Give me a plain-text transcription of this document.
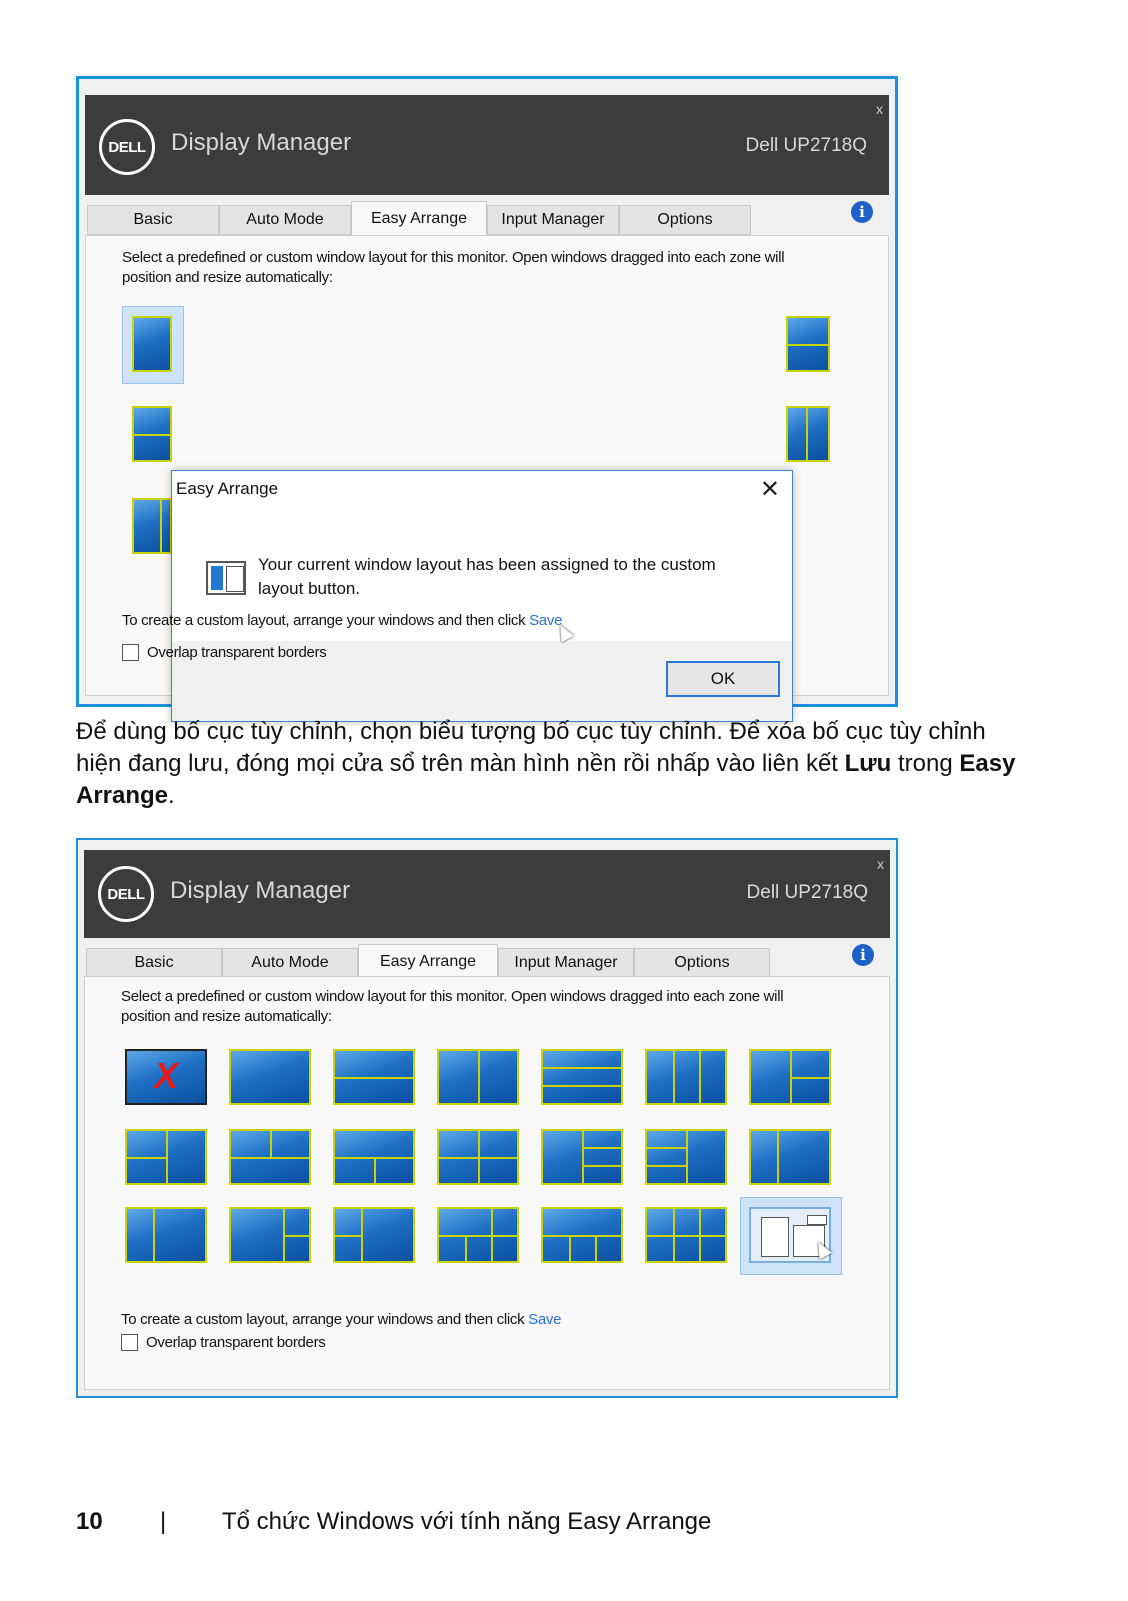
DELL	Display Manager	Dell UP2718Q
x
Basic	Auto Mode	Easy Arrange	Input Manager	Options	i
Select a predefined or custom window layout for this monitor. Open windows dragged into each zone will position and resize automatically:
Easy Arrange	✕
Your current window layout has been assigned to the custom layout button.
OK
To create a custom layout, arrange your windows and then click Save
Overlap transparent borders
Để dùng bố cục tùy chỉnh, chọn biểu tượng bố cục tùy chỉnh. Để xóa bố cục tùy chỉnh hiện đang lưu, đóng mọi cửa sổ trên màn hình nền rồi nhấp vào liên kết Lưu trong Easy Arrange.
DELL	Display Manager	Dell UP2718Q
x
Basic	Auto Mode	Easy Arrange	Input Manager	Options	i
Select a predefined or custom window layout for this monitor. Open windows dragged into each zone will position and resize automatically:
X
To create a custom layout, arrange your windows and then click Save
Overlap transparent borders
10 | Tổ chức Windows với tính năng Easy Arrange
